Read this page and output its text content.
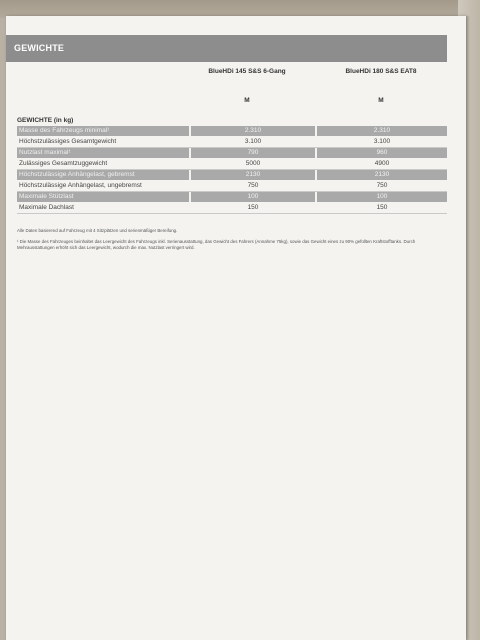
GEWICHTE
BlueHDi 145 S&S 6-Gang	BlueHDi 180 S&S EAT8
M	M
GEWICHTE (in kg)
Masse des Fahrzeugs minimal¹	2.310	2.310
Höchstzulässiges Gesamtgewicht	3.100	3.100
Nutzlast maximal¹	790	960
Zulässiges Gesamtzuggewicht	5000	4900
Höchstzulässige Anhängelast, gebremst	2130	2130
Höchstzulässige Anhängelast, ungebremst	750	750
Maximale Stützlast	100	100
Maximale Dachlast	150	150

Alle Daten basierend auf Fahrzeug mit 4 Sitzplätzen und serienmäßiger Bereifung.

¹ Die Masse des Fahrzeuges beinhaltet das Leergewicht des Fahrzeugs inkl. Serienausstattung, das Gewicht des Fahrers (Annahme 75kg), sowie das Gewicht eines zu 90% gefüllten Kraftstofftanks. Durch Mehrausstattungen erhöht sich das Leergewicht, wodurch die max. Nutzlast verringert wird.
